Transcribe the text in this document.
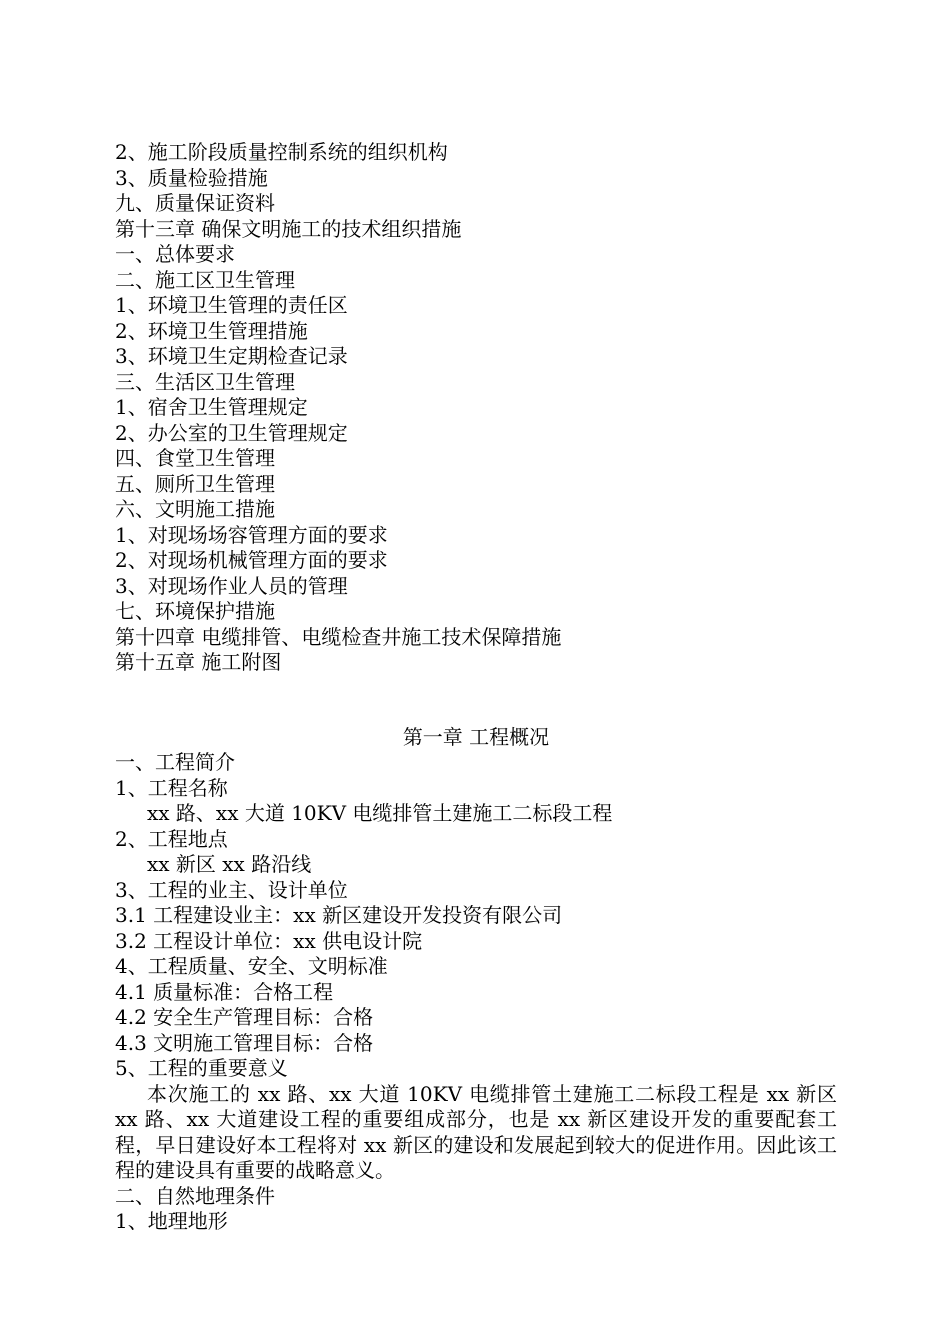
2、施工阶段质量控制系统的组织机构
3、质量检验措施
九、质量保证资料
第十三章 确保文明施工的技术组织措施
一、总体要求
二、施工区卫生管理
1、环境卫生管理的责任区
2、环境卫生管理措施
3、环境卫生定期检查记录
三、生活区卫生管理
1、宿舍卫生管理规定
2、办公室的卫生管理规定
四、食堂卫生管理
五、厕所卫生管理
六、文明施工措施
1、对现场场容管理方面的要求
2、对现场机械管理方面的要求
3、对现场作业人员的管理
七、环境保护措施
第十四章 电缆排管、电缆检查井施工技术保障措施
第十五章 施工附图
第一章 工程概况
一、工程简介
1、工程名称
xx 路、xx 大道 10KV 电缆排管土建施工二标段工程
2、工程地点
xx 新区 xx 路沿线
3、工程的业主、设计单位
3.1 工程建设业主：xx 新区建设开发投资有限公司
3.2 工程设计单位：xx 供电设计院
4、工程质量、安全、文明标准
4.1 质量标准：合格工程
4.2 安全生产管理目标：合格
4.3 文明施工管理目标：合格
5、工程的重要意义

本次施工的 xx 路、xx 大道 10KV 电缆排管土建施工二标段工程是 xx 新区 xx 路、xx 大道建设工程的重要组成部分，也是 xx 新区建设开发的重要配套工程，早日建设好本工程将对 xx 新区的建设和发展起到较大的促进作用。因此该工程的建设具有重要的战略意义。

二、自然地理条件
1、地理地形
